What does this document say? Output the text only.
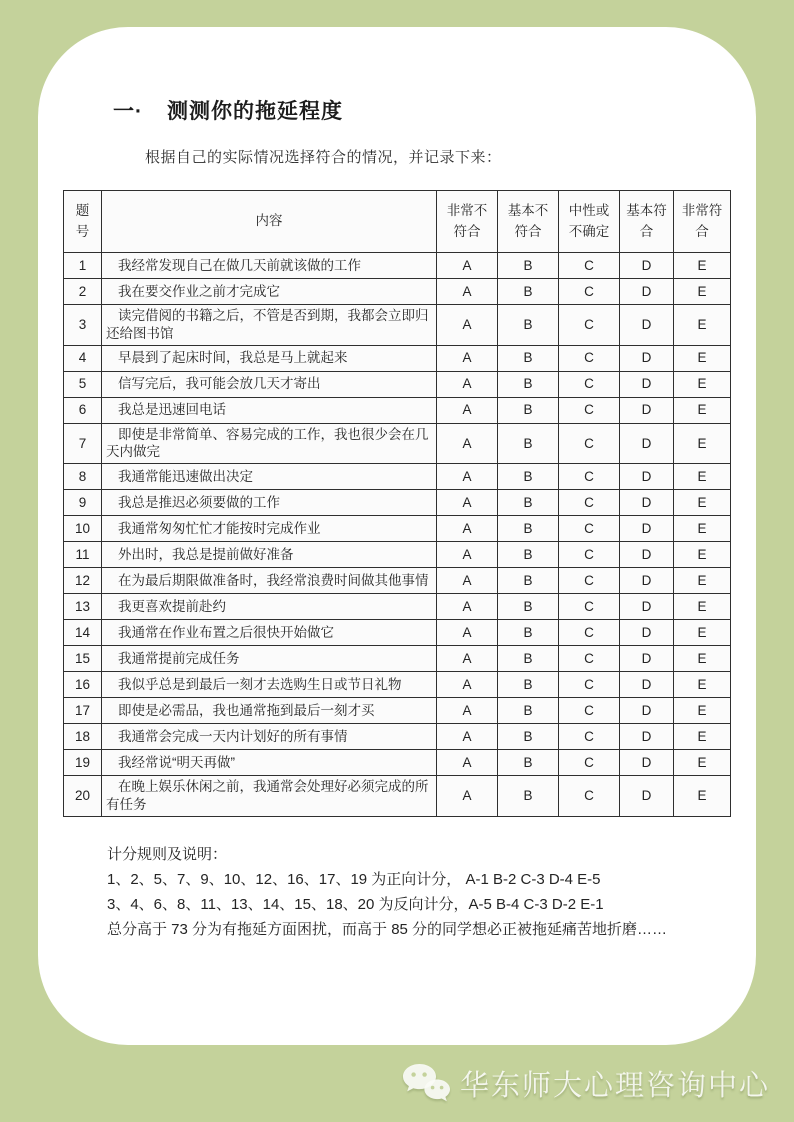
一· 测测你的拖延程度

根据自己的实际情况选择符合的情况，并记录下来：

题号	内容	非常不符合	基本不符合	中性或不确定	基本符合	非常符合
1	我经常发现自己在做几天前就该做的工作	A	B	C	D	E
2	我在要交作业之前才完成它	A	B	C	D	E
3	读完借阅的书籍之后，不管是否到期，我都会立即归还给图书馆	A	B	C	D	E
4	早晨到了起床时间，我总是马上就起来	A	B	C	D	E
5	信写完后，我可能会放几天才寄出	A	B	C	D	E
6	我总是迅速回电话	A	B	C	D	E
7	即使是非常简单、容易完成的工作，我也很少会在几天内做完	A	B	C	D	E
8	我通常能迅速做出决定	A	B	C	D	E
9	我总是推迟必须要做的工作	A	B	C	D	E
10	我通常匆匆忙忙才能按时完成作业	A	B	C	D	E
11	外出时，我总是提前做好准备	A	B	C	D	E
12	在为最后期限做准备时，我经常浪费时间做其他事情	A	B	C	D	E
13	我更喜欢提前赴约	A	B	C	D	E
14	我通常在作业布置之后很快开始做它	A	B	C	D	E
15	我通常提前完成任务	A	B	C	D	E
16	我似乎总是到最后一刻才去选购生日或节日礼物	A	B	C	D	E
17	即使是必需品，我也通常拖到最后一刻才买	A	B	C	D	E
18	我通常会完成一天内计划好的所有事情	A	B	C	D	E
19	我经常说“明天再做”	A	B	C	D	E
20	在晚上娱乐休闲之前，我通常会处理好必须完成的所有任务	A	B	C	D	E

计分规则及说明：

1、2、5、7、9、10、12、16、17、19 为正向计分， A-1 B-2 C-3 D-4 E-5

3、4、6、8、11、13、14、15、18、20 为反向计分，A-5 B-4 C-3 D-2 E-1

总分高于 73 分为有拖延方面困扰，而高于 85 分的同学想必正被拖延痛苦地折磨……

华东师大心理咨询中心
